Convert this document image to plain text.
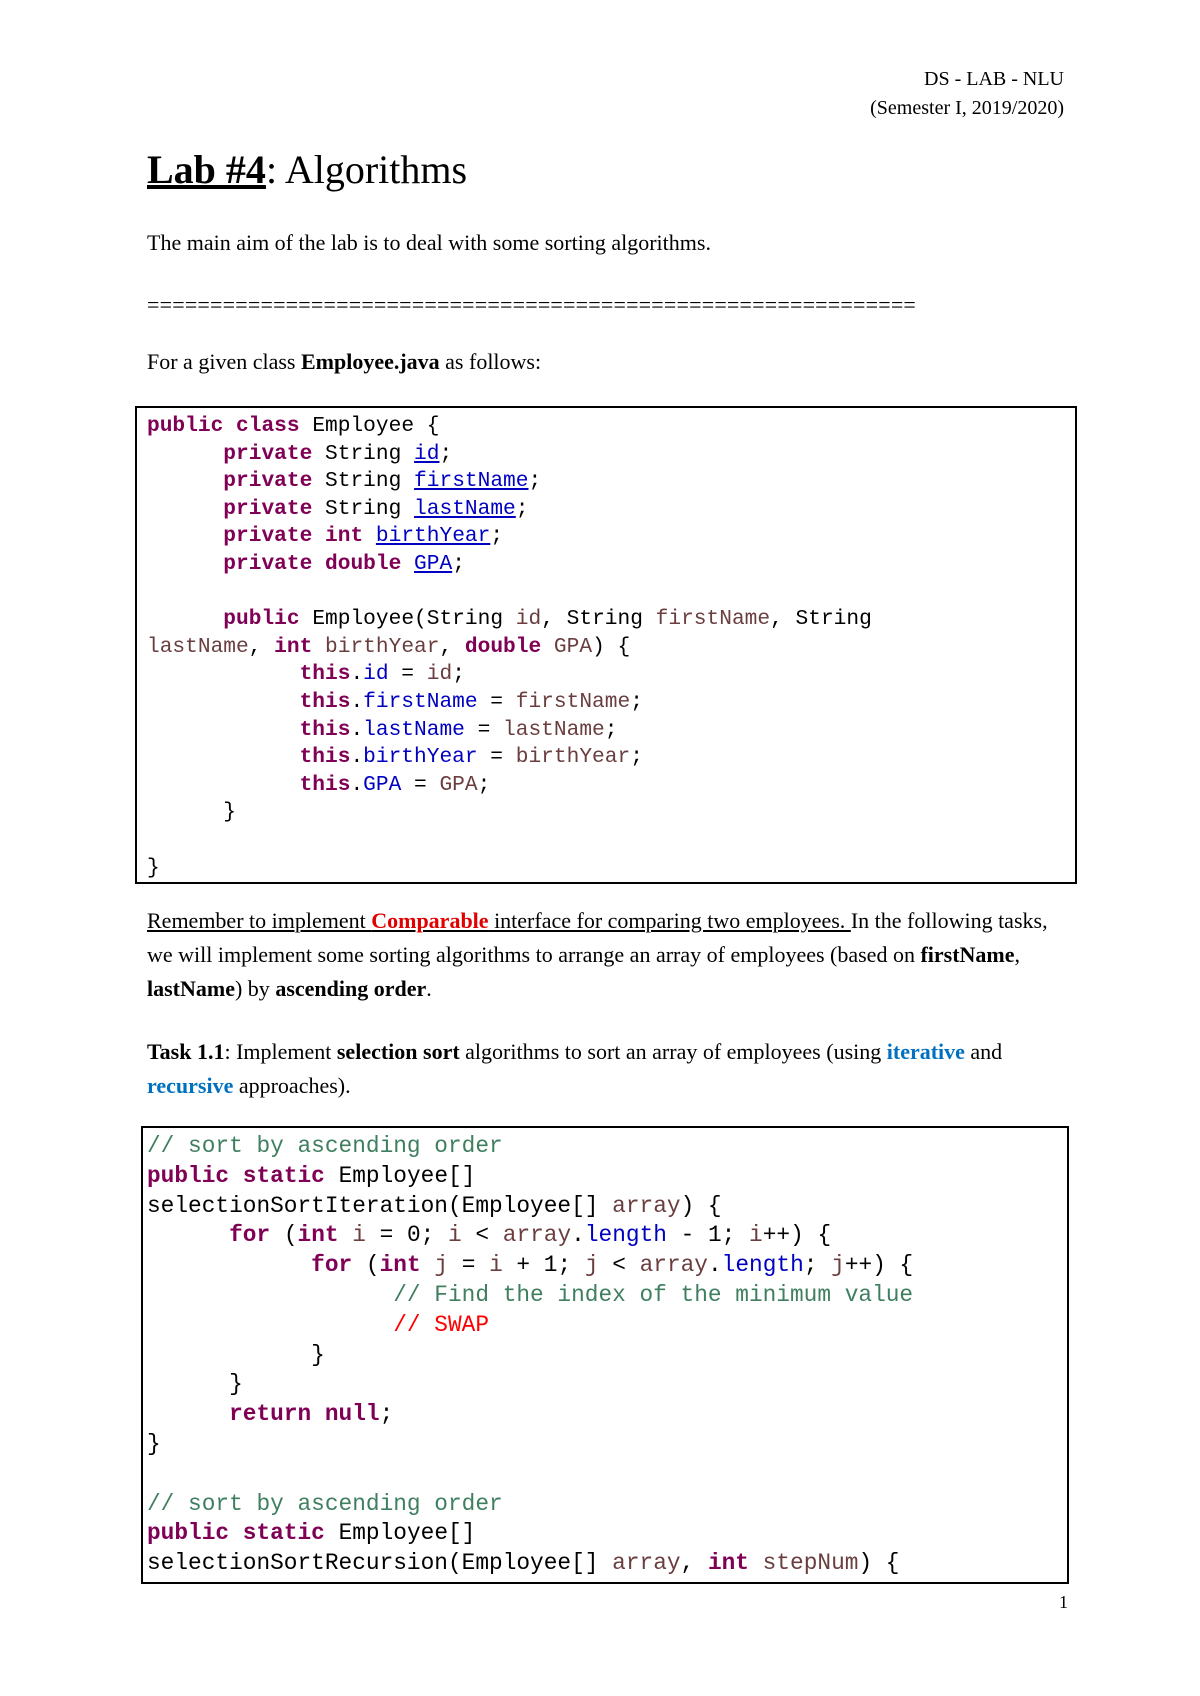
DS - LAB - NLU
(Semester I, 2019/2020)
Lab #4: Algorithms
The main aim of the lab is to deal with some sorting algorithms.
=============================================================
For a given class Employee.java as follows:
public class Employee {
private String id;
private String firstName;
private String lastName;
private int birthYear;
private double GPA;

public Employee(String id, String firstName, String
lastName, int birthYear, double GPA) {
this.id = id;
this.firstName = firstName;
this.lastName = lastName;
this.birthYear = birthYear;
this.GPA = GPA;
}

}
Remember to implement Comparable interface for comparing two employees. In the following tasks, we will implement some sorting algorithms to arrange an array of employees (based on firstName, lastName) by ascending order.
Task 1.1: Implement selection sort algorithms to sort an array of employees (using iterative and recursive approaches).
// sort by ascending order
public static Employee[]
selectionSortIteration(Employee[] array) {
for (int i = 0; i < array.length - 1; i++) {
for (int j = i + 1; j < array.length; j++) {
// Find the index of the minimum value
// SWAP
}
}
return null;
}

// sort by ascending order
public static Employee[]
selectionSortRecursion(Employee[] array, int stepNum) {
1
